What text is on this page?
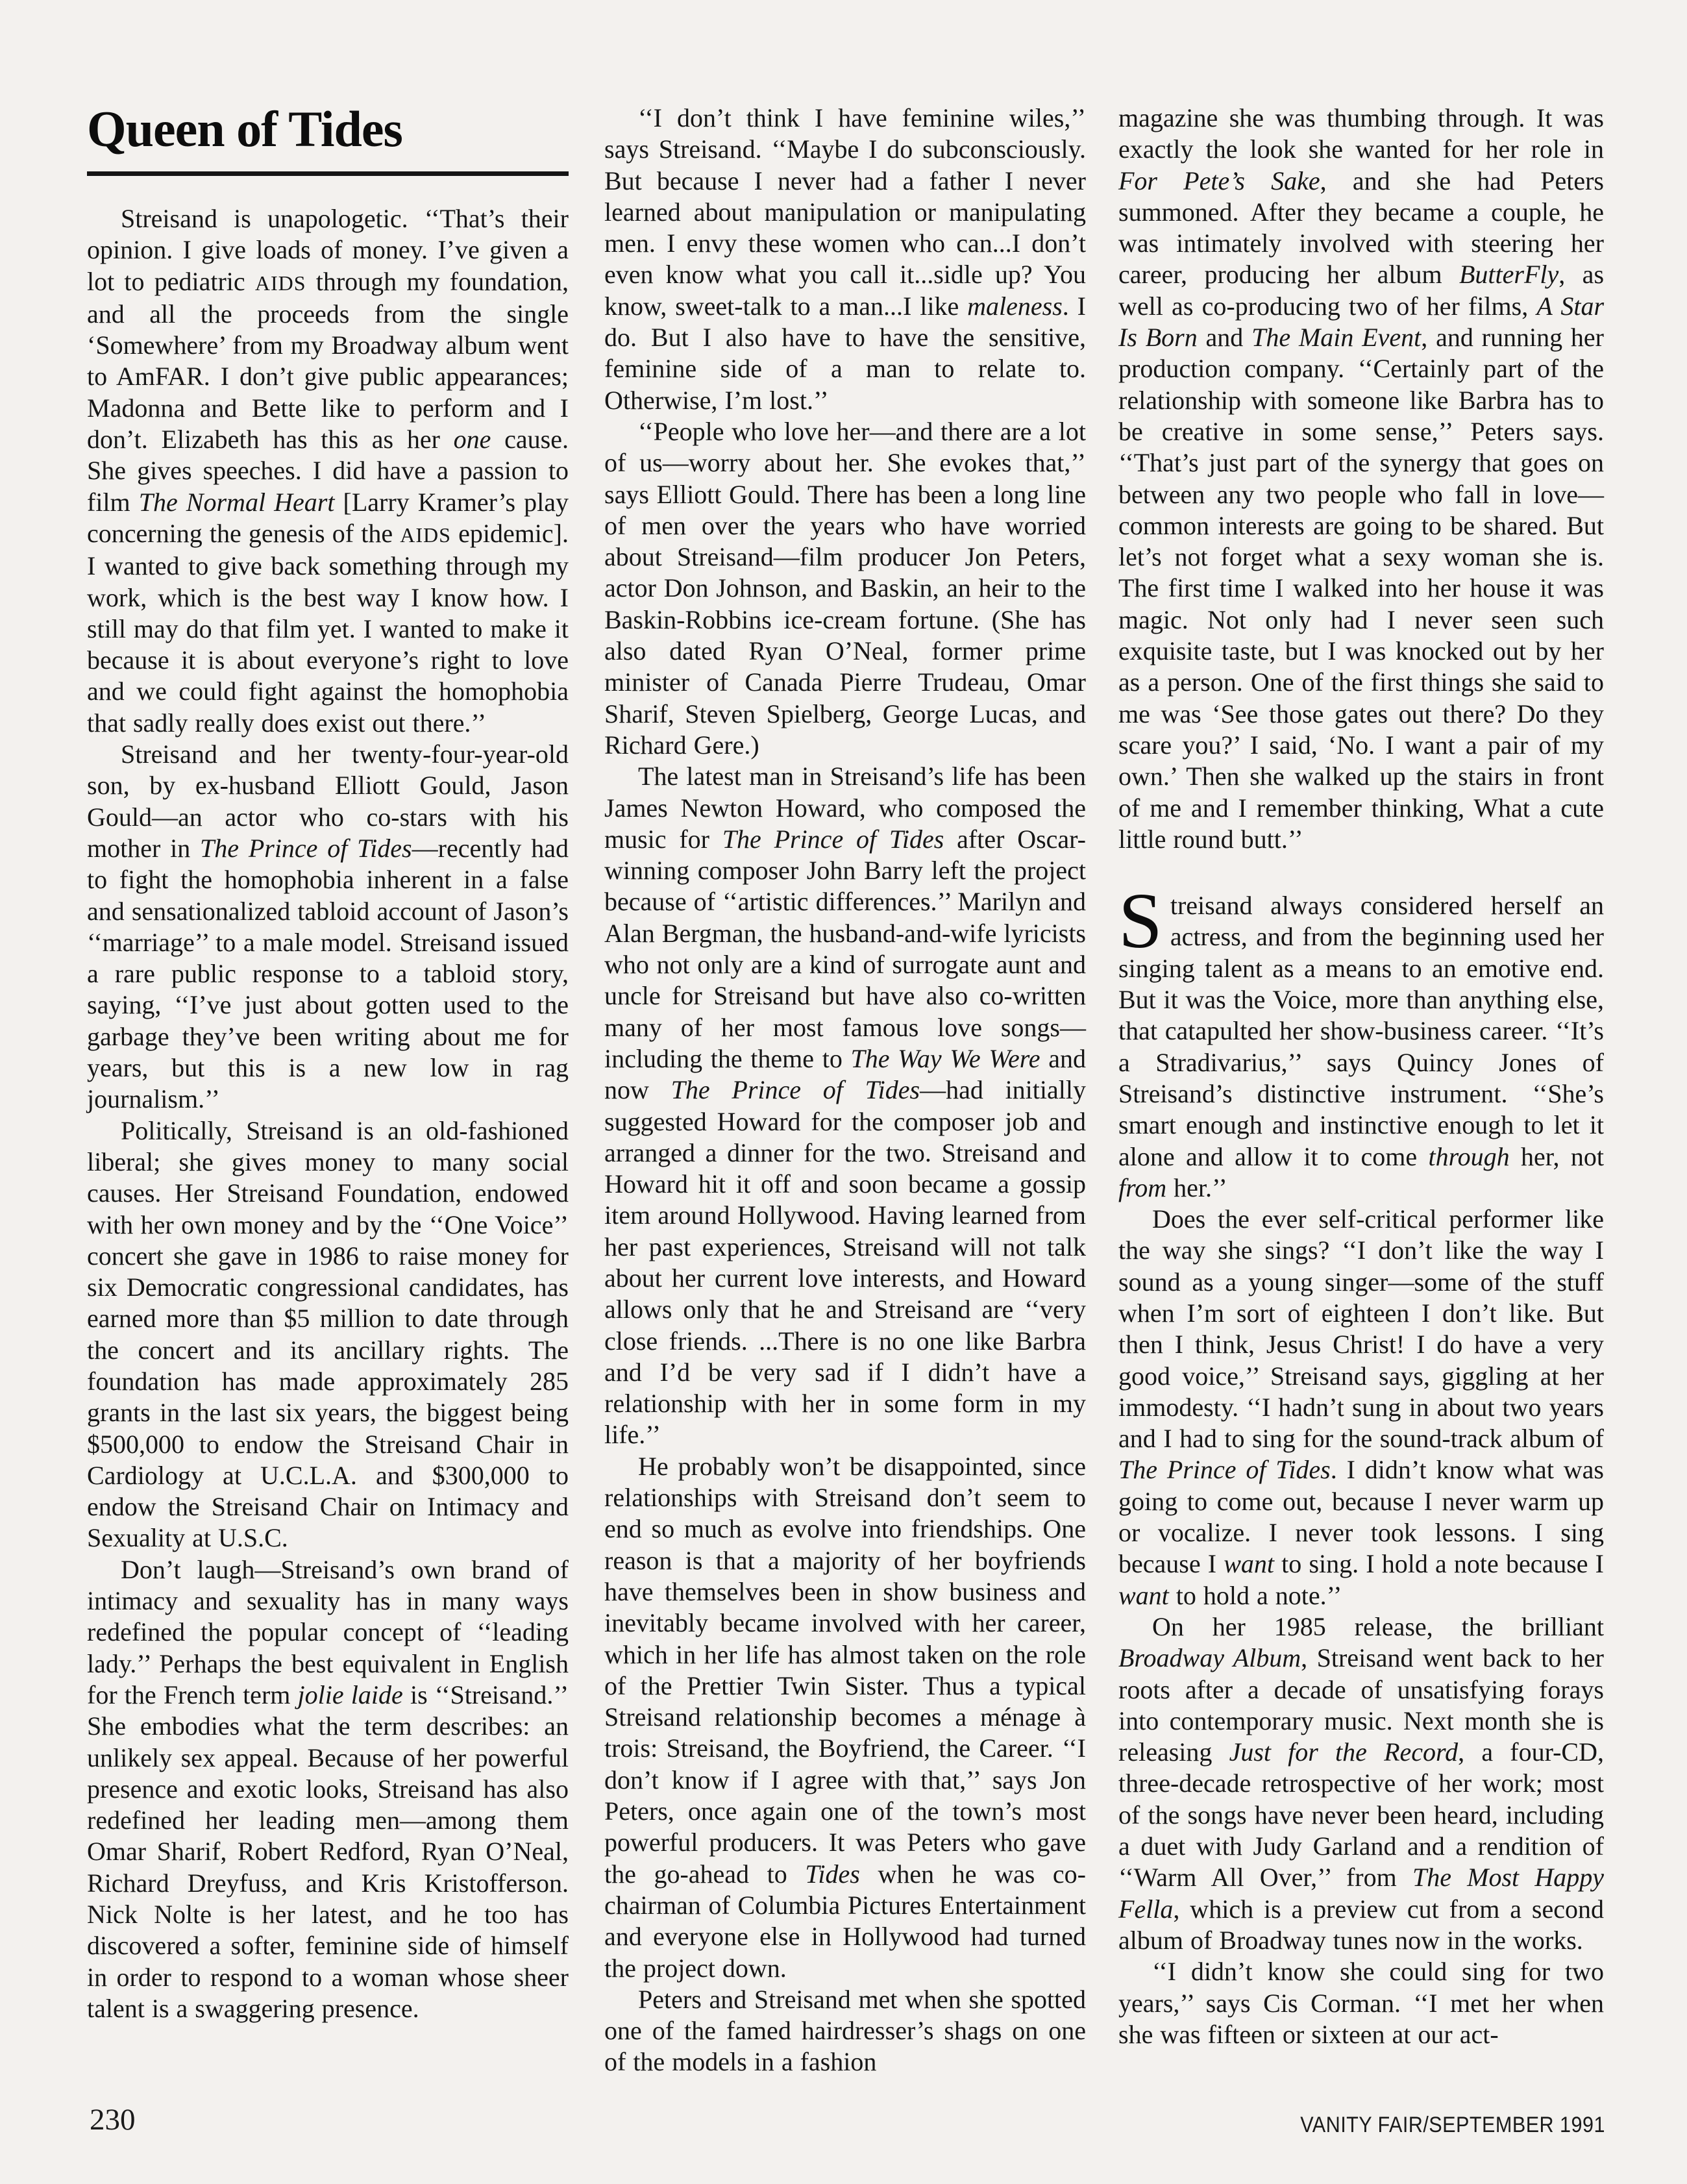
Queen of Tides

Streisand is unapologetic. ‘‘That’s their opinion. I give loads of money. I’ve given a lot to pediatric AIDS through my foundation, and all the proceeds from the single ‘Somewhere’ from my Broadway album went to AmFAR. I don’t give public appearances; Madonna and Bette like to perform and I don’t. Elizabeth has this as her one cause. She gives speeches. I did have a passion to film The Normal Heart [Larry Kramer’s play concerning the genesis of the AIDS epidemic]. I wanted to give back something through my work, which is the best way I know how. I still may do that film yet. I wanted to make it because it is about everyone’s right to love and we could fight against the homophobia that sadly really does exist out there.’’

Streisand and her twenty-four-year-old son, by ex-husband Elliott Gould, Jason Gould—an actor who co-stars with his mother in The Prince of Tides—recently had to fight the homophobia inherent in a false and sensationalized tabloid account of Jason’s ‘‘marriage’’ to a male model. Streisand issued a rare public response to a tabloid story, saying, ‘‘I’ve just about gotten used to the garbage they’ve been writing about me for years, but this is a new low in rag journalism.’’

Politically, Streisand is an old-fashioned liberal; she gives money to many social causes. Her Streisand Foundation, endowed with her own money and by the ‘‘One Voice’’ concert she gave in 1986 to raise money for six Democratic congressional candidates, has earned more than $5 million to date through the concert and its ancillary rights. The foundation has made approximately 285 grants in the last six years, the biggest being $500,000 to endow the Streisand Chair in Cardiology at U.C.L.A. and $300,000 to endow the Streisand Chair on Intimacy and Sexuality at U.S.C.

Don’t laugh—Streisand’s own brand of intimacy and sexuality has in many ways redefined the popular concept of ‘‘leading lady.’’ Perhaps the best equivalent in English for the French term jolie laide is ‘‘Streisand.’’ She embodies what the term describes: an unlikely sex appeal. Because of her powerful presence and exotic looks, Streisand has also redefined her leading men—among them Omar Sharif, Robert Redford, Ryan O’Neal, Richard Dreyfuss, and Kris Kristofferson. Nick Nolte is her latest, and he too has discovered a softer, feminine side of himself in order to respond to a woman whose sheer talent is a swaggering presence.

‘‘I don’t think I have feminine wiles,’’ says Streisand. ‘‘Maybe I do subconsciously. But because I never had a father I never learned about manipulation or manipulating men. I envy these women who can...I don’t even know what you call it...sidle up? You know, sweet-talk to a man...I like maleness. I do. But I also have to have the sensitive, feminine side of a man to relate to. Otherwise, I’m lost.’’

‘‘People who love her—and there are a lot of us—worry about her. She evokes that,’’ says Elliott Gould. There has been a long line of men over the years who have worried about Streisand—film producer Jon Peters, actor Don Johnson, and Baskin, an heir to the Baskin-Robbins ice-cream fortune. (She has also dated Ryan O’Neal, former prime minister of Canada Pierre Trudeau, Omar Sharif, Steven Spielberg, George Lucas, and Richard Gere.)

The latest man in Streisand’s life has been James Newton Howard, who composed the music for The Prince of Tides after Oscar-winning composer John Barry left the project because of ‘‘artistic differences.’’ Marilyn and Alan Bergman, the husband-and-wife lyricists who not only are a kind of surrogate aunt and uncle for Streisand but have also co-written many of her most famous love songs—including the theme to The Way We Were and now The Prince of Tides—had initially suggested Howard for the composer job and arranged a dinner for the two. Streisand and Howard hit it off and soon became a gossip item around Hollywood. Having learned from her past experiences, Streisand will not talk about her current love interests, and Howard allows only that he and Streisand are ‘‘very close friends. ...There is no one like Barbra and I’d be very sad if I didn’t have a relationship with her in some form in my life.’’

He probably won’t be disappointed, since relationships with Streisand don’t seem to end so much as evolve into friendships. One reason is that a majority of her boyfriends have themselves been in show business and inevitably became involved with her career, which in her life has almost taken on the role of the Prettier Twin Sister. Thus a typical Streisand relationship becomes a ménage à trois: Streisand, the Boyfriend, the Career. ‘‘I don’t know if I agree with that,’’ says Jon Peters, once again one of the town’s most powerful producers. It was Peters who gave the go-ahead to Tides when he was co-chairman of Columbia Pictures Entertainment and everyone else in Hollywood had turned the project down.

Peters and Streisand met when she spotted one of the famed hairdresser’s shags on one of the models in a fashion

magazine she was thumbing through. It was exactly the look she wanted for her role in For Pete’s Sake, and she had Peters summoned. After they became a couple, he was intimately involved with steering her career, producing her album ButterFly, as well as co-producing two of her films, A Star Is Born and The Main Event, and running her production company. ‘‘Certainly part of the relationship with someone like Barbra has to be creative in some sense,’’ Peters says. ‘‘That’s just part of the synergy that goes on between any two people who fall in love—common interests are going to be shared. But let’s not forget what a sexy woman she is. The first time I walked into her house it was magic. Not only had I never seen such exquisite taste, but I was knocked out by her as a person. One of the first things she said to me was ‘See those gates out there? Do they scare you?’ I said, ‘No. I want a pair of my own.’ Then she walked up the stairs in front of me and I remember thinking, What a cute little round butt.’’

Streisand always considered herself an actress, and from the beginning used her singing talent as a means to an emotive end. But it was the Voice, more than anything else, that catapulted her show-business career. ‘‘It’s a Stradivarius,’’ says Quincy Jones of Streisand’s distinctive instrument. ‘‘She’s smart enough and instinctive enough to let it alone and allow it to come through her, not from her.’’

Does the ever self-critical performer like the way she sings? ‘‘I don’t like the way I sound as a young singer—some of the stuff when I’m sort of eighteen I don’t like. But then I think, Jesus Christ! I do have a very good voice,’’ Streisand says, giggling at her immodesty. ‘‘I hadn’t sung in about two years and I had to sing for the sound-track album of The Prince of Tides. I didn’t know what was going to come out, because I never warm up or vocalize. I never took lessons. I sing because I want to sing. I hold a note because I want to hold a note.’’

On her 1985 release, the brilliant Broadway Album, Streisand went back to her roots after a decade of unsatisfying forays into contemporary music. Next month she is releasing Just for the Record, a four-CD, three-decade retrospective of her work; most of the songs have never been heard, including a duet with Judy Garland and a rendition of ‘‘Warm All Over,’’ from The Most Happy Fella, which is a preview cut from a second album of Broadway tunes now in the works.

‘‘I didn’t know she could sing for two years,’’ says Cis Corman. ‘‘I met her when she was fifteen or sixteen at our act-

230	VANITY FAIR/SEPTEMBER 1991
